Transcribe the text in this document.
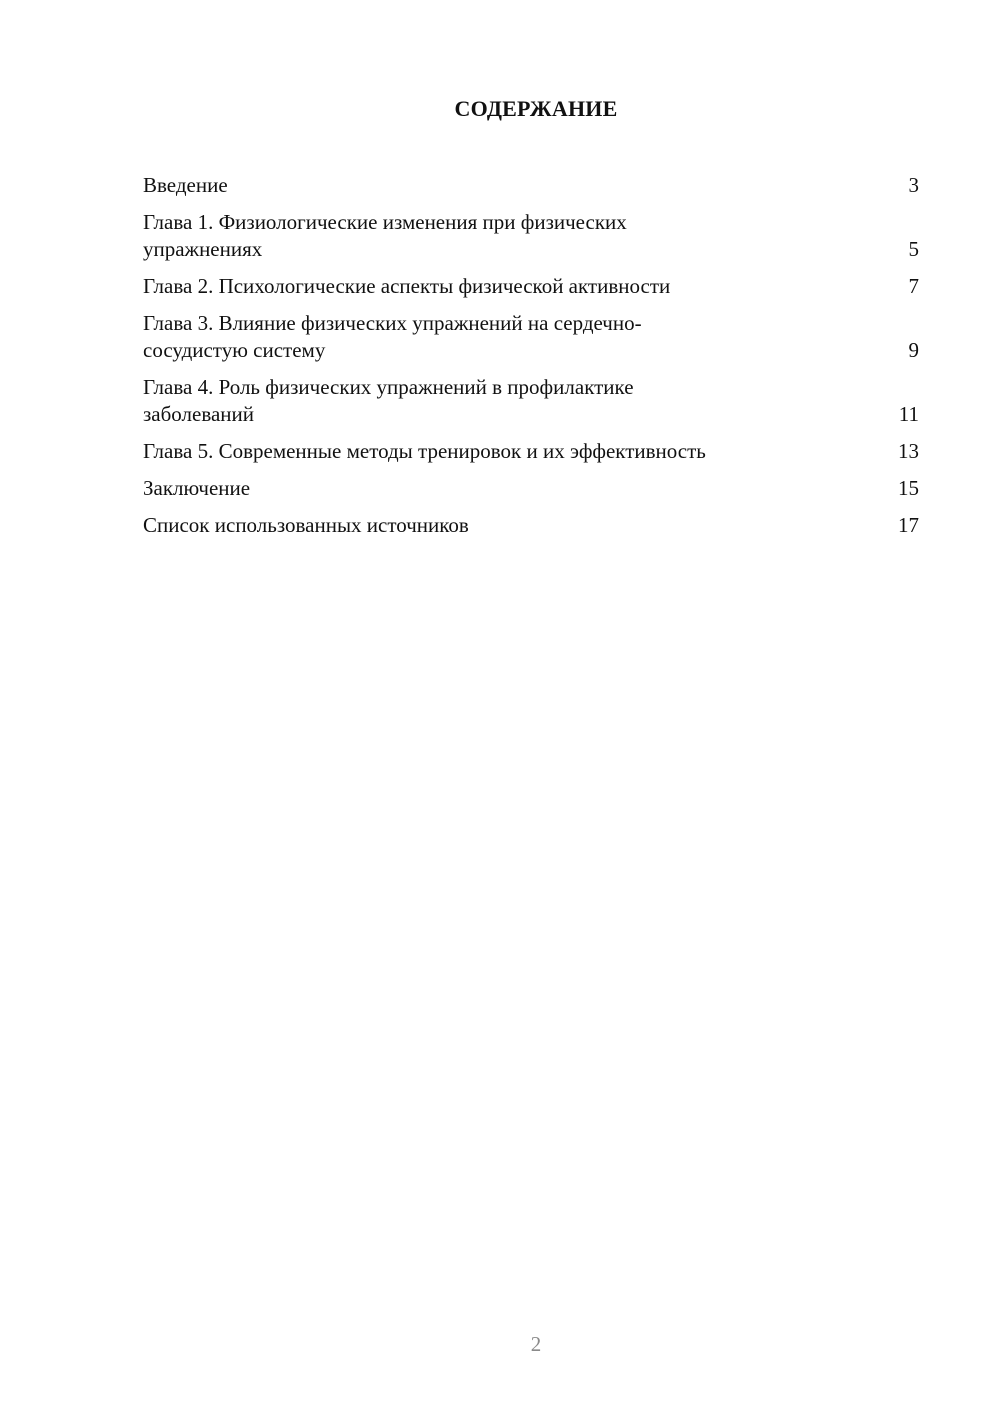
СОДЕРЖАНИЕ
Введение	3
Глава 1. Физиологические изменения при физических упражнениях	5
Глава 2. Психологические аспекты физической активности	7
Глава 3. Влияние физических упражнений на сердечно-сосудистую систему	9
Глава 4. Роль физических упражнений в профилактике заболеваний	11
Глава 5. Современные методы тренировок и их эффективность	13
Заключение	15
Список использованных источников	17
2
